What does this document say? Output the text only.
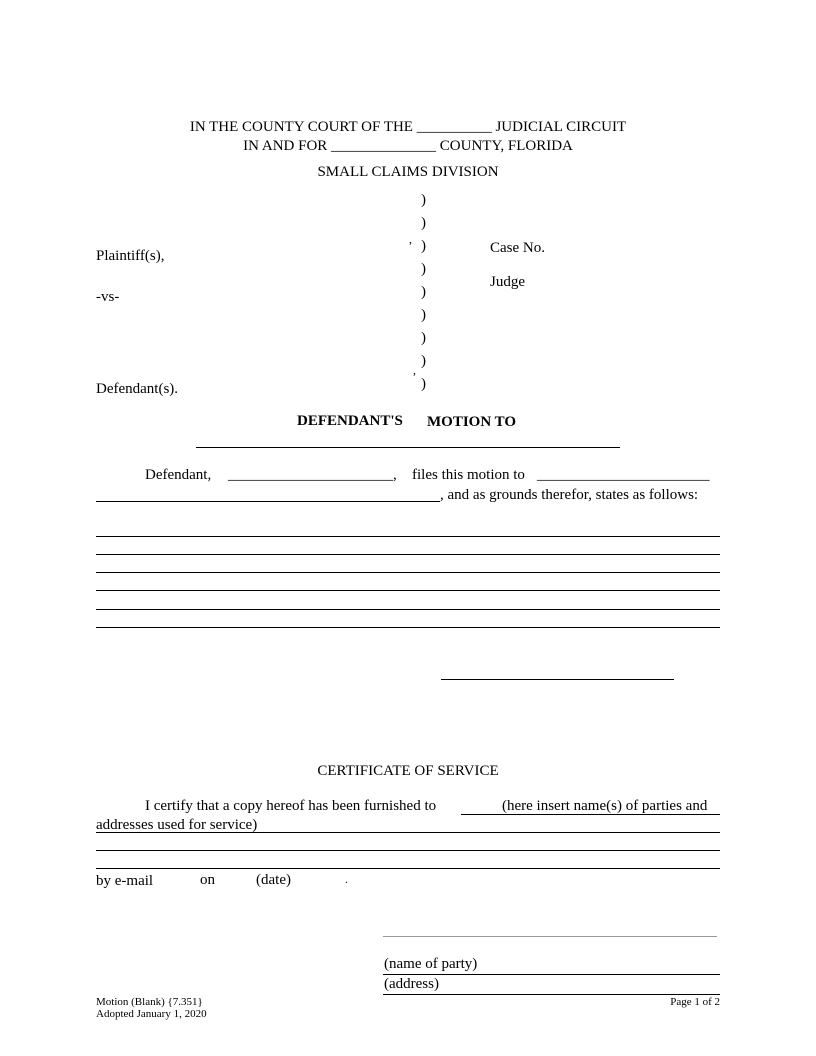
IN THE COUNTY COURT OF THE __________ JUDICIAL CIRCUIT
IN AND FOR ______________ COUNTY, FLORIDA
SMALL CLAIMS DIVISION
)
)
)
)
)
)
)
)
)
,
,
Plaintiff(s),
-vs-
Defendant(s).
Case No.
Judge
DEFENDANT'S MOTION TO
Defendant, ______________________, files this motion to _______________________
, and as grounds therefor, states as follows:
CERTIFICATE OF SERVICE
I certify that a copy hereof has been furnished to	(here insert name(s) of parties and
addresses used for service)
by e-mail	on	(date)	.
(name of party)
(address)
Motion (Blank) {7.351}
Adopted January 1, 2020
Page 1 of 2
